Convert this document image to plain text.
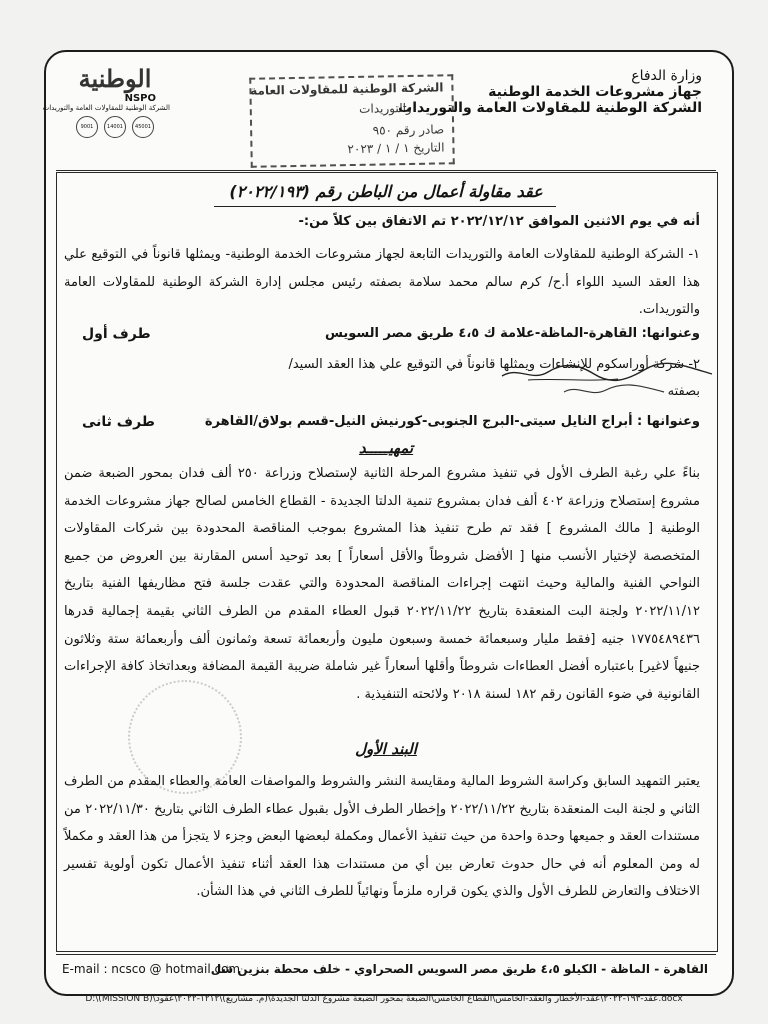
وزارة الدفاع
جهاز مشروعات الخدمة الوطنية
الشركة الوطنية للمقاولات العامة والتوريدات
الوطنية
NSPO
الشركة الوطنية للمقاولات العامة والتوريدات
9001	14001	45001
الشركة الوطنية للمقاولات العامة
والتوريدات
صادر رقم ٩٥٠
التاريخ ١ / ١ / ٢٠٢٣
عقد مقاولة أعمال من الباطن رقم (٢٠٢٢/١٩٣)
أنه في يوم الاثنين الموافق ٢٠٢٢/١٢/١٢ تم الاتفاق بين كلاً من:-
١- الشركة الوطنية للمقاولات العامة والتوريدات التابعة لجهاز مشروعات الخدمة الوطنية- ويمثلها قانوناً في التوقيع علي هذا العقد السيد اللواء أ.ح/ كرم سالم محمد سلامة بصفته رئيس مجلس إدارة الشركة الوطنية للمقاولات العامة والتوريدات.
وعنوانها: القاهرة-الماظة-علامة ك ٤،٥ طريق مصر السويس
طرف أول
٢- شركة أوراسكوم للإنشاءات ويمثلها قانوناً في التوقيع علي هذا العقد السيد/
بصفته
وعنوانها : أبراج النايل سيتى-البرج الجنوبى-كورنيش النيل-قسم بولاق/القاهرة
طرف ثانى
تمهيـــــد
بناءً علي رغبة الطرف الأول في تنفيذ مشروع المرحلة الثانية لإستصلاح وزراعة ٢٥٠ ألف فدان بمحور الضبعة ضمن مشروع إستصلاح وزراعة ٤٠٢ ألف فدان بمشروع تنمية الدلتا الجديدة - القطاع الخامس لصالح جهاز مشروعات الخدمة الوطنية [ مالك المشروع ] فقد تم طرح تنفيذ هذا المشروع بموجب المناقصة المحدودة بين شركات المقاولات المتخصصة لإختيار الأنسب منها [ الأفضل شروطاً والأقل أسعاراً ] بعد توحيد أسس المقارنة بين العروض من جميع النواحي الفنية والمالية وحيث انتهت إجراءات المناقصة المحدودة والتي عقدت جلسة فتح مظاريفها الفنية بتاريخ ٢٠٢٢/١١/١٢ ولجنة البت المنعقدة بتاريخ ٢٠٢٢/١١/٢٢ قبول العطاء المقدم من الطرف الثاني بقيمة إجمالية قدرها ١٧٧٥٤٨٩٤٣٦ جنيه [فقط مليار وسبعمائة خمسة وسبعون مليون وأربعمائة تسعة وثمانون ألف وأربعمائة ستة وثلاثون جنيهاً لاغير] باعتباره أفضل العطاءات شروطاً وأقلها أسعاراً غير شاملة ضريبة القيمة المضافة وبعداتخاذ كافة الإجراءات القانونية في ضوء القانون رقم ١٨٢ لسنة ٢٠١٨ ولائحته التنفيذية .
البند الأول
يعتبر التمهيد السابق وكراسة الشروط المالية ومقايسة النشر والشروط والمواصفات العامة والعطاء المقدم من الطرف الثاني و لجنة البت المنعقدة بتاريخ ٢٠٢٢/١١/٢٢ وإخطار الطرف الأول بقبول عطاء الطرف الثاني بتاريخ ٢٠٢٢/١١/٣٠ من مستندات العقد و جميعها وحدة واحدة من حيث تنفيذ الأعمال ومكملة لبعضها البعض وجزء لا يتجزأ من هذا العقد و مكملاً له ومن المعلوم أنه في حال حدوث تعارض بين أي من مستندات هذا العقد أثناء تنفيذ الأعمال تكون أولوية تفسير الاختلاف والتعارض للطرف الأول والذي يكون قراره ملزماً ونهائياً للطرف الثاني في هذا الشأن.
القاهرة - الماظة - الكيلو ٤،٥ طريق مصر السويس الصحراوي - خلف محطة بنزين شل
E-mail : ncsco @ hotmail.com
D:\(MISSION B)\عقد-١٩٣-٢٠٢٢\عقد-الأخطار والعقد-الخامس\القطاع الخامس\الضبعة بمحور الضبعة مشروع الدلتا الجديدة\(م. مشاريع)\١٢١٢-٢٠٢٢\عقود.docx
